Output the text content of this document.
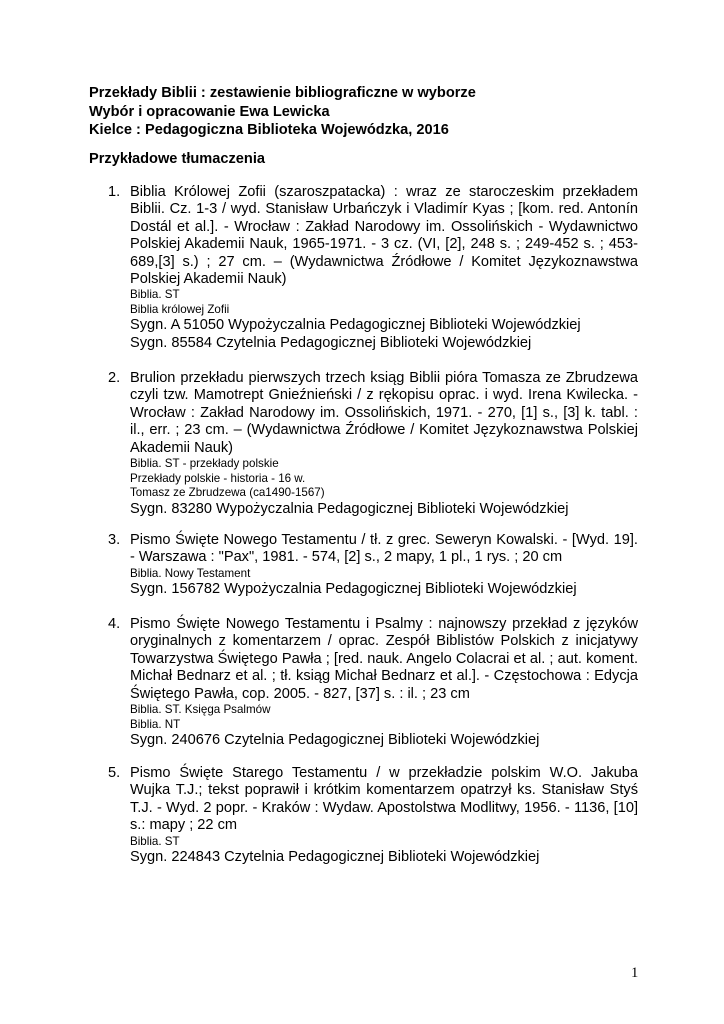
Przekłady Biblii : zestawienie bibliograficzne w wyborze
Wybór i opracowanie Ewa Lewicka
Kielce : Pedagogiczna Biblioteka Wojewódzka, 2016
Przykładowe tłumaczenia
1. Biblia Królowej Zofii (szaroszpatacka) : wraz ze staroczeskim przekładem Biblii. Cz. 1-3 / wyd. Stanisław Urbańczyk i Vladimír Kyas ; [kom. red. Antonín Dostál et al.]. - Wrocław : Zakład Narodowy im. Ossolińskich - Wydawnictwo Polskiej Akademii Nauk, 1965-1971. - 3 cz. (VI, [2], 248 s. ; 249-452 s. ; 453-689,[3] s.) ; 27 cm. – (Wydawnictwa Źródłowe / Komitet Językoznawstwa Polskiej Akademii Nauk)
Biblia. ST
Biblia królowej Zofii
Sygn. A 51050 Wypożyczalnia Pedagogicznej Biblioteki Wojewódzkiej
Sygn. 85584 Czytelnia Pedagogicznej Biblioteki Wojewódzkiej
2. Brulion przekładu pierwszych trzech ksiąg Biblii pióra Tomasza ze Zbrudzewa czyli tzw. Mamotrept Gnieźnieński / z rękopisu oprac. i wyd. Irena Kwilecka. - Wrocław : Zakład Narodowy im. Ossolińskich, 1971. - 270, [1] s., [3] k. tabl. : il., err. ; 23 cm. – (Wydawnictwa Źródłowe / Komitet Językoznawstwa Polskiej Akademii Nauk)
Biblia. ST - przekłady polskie
Przekłady polskie - historia - 16 w.
Tomasz ze Zbrudzewa (ca1490-1567)
Sygn. 83280 Wypożyczalnia Pedagogicznej Biblioteki Wojewódzkiej
3. Pismo Święte Nowego Testamentu / tł. z grec. Seweryn Kowalski. - [Wyd. 19]. - Warszawa : "Pax", 1981. - 574, [2] s., 2 mapy, 1 pl., 1 rys. ; 20 cm
Biblia. Nowy Testament
Sygn. 156782 Wypożyczalnia Pedagogicznej Biblioteki Wojewódzkiej
4. Pismo Święte Nowego Testamentu i Psalmy : najnowszy przekład z języków oryginalnych z komentarzem / oprac. Zespół Biblistów Polskich z inicjatywy Towarzystwa Świętego Pawła ; [red. nauk. Angelo Colacrai et al. ; aut. koment. Michał Bednarz et al. ; tł. ksiąg Michał Bednarz et al.]. - Częstochowa : Edycja Świętego Pawła, cop. 2005. - 827, [37] s. : il. ; 23 cm
Biblia. ST. Księga Psalmów
Biblia. NT
Sygn. 240676 Czytelnia Pedagogicznej Biblioteki Wojewódzkiej
5. Pismo Święte Starego Testamentu / w przekładzie polskim W.O. Jakuba Wujka T.J.; tekst poprawił i krótkim komentarzem opatrzył ks. Stanisław Styś T.J. - Wyd. 2 popr. - Kraków : Wydaw. Apostolstwa Modlitwy, 1956. - 1136, [10] s.: mapy ; 22 cm
Biblia. ST
Sygn. 224843 Czytelnia Pedagogicznej Biblioteki Wojewódzkiej
1
